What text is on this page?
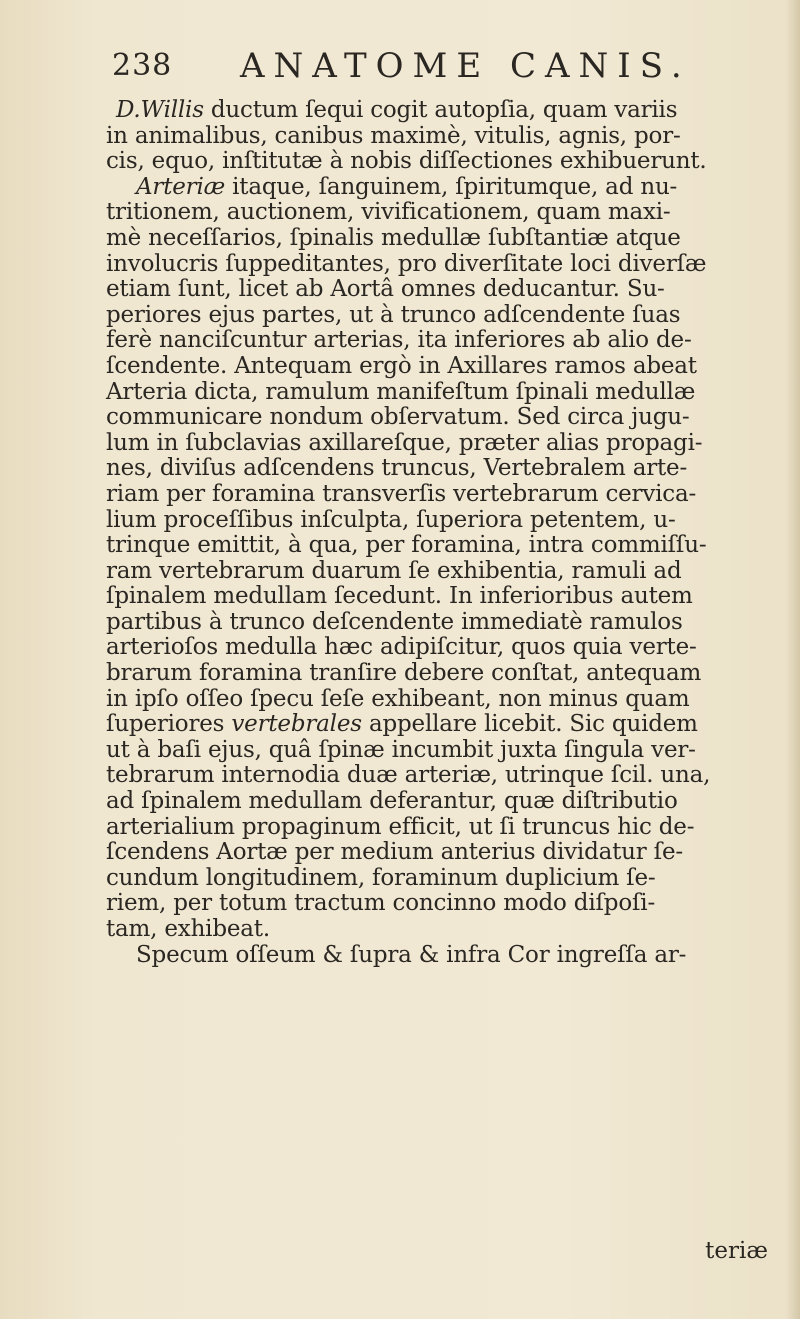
238 ANATOME CANIS.
D.Willis ductum ſequi cogit autopſia, quam variis
in animalibus, canibus maximè, vitulis, agnis, por-
cis, equo, inſtitutæ à nobis diſſectiones exhibuerunt.
Arteriæ itaque, ſanguinem, ſpiritumque, ad nu-
tritionem, auctionem, vivificationem, quam maxi-
mè neceſſarios, ſpinalis medullæ ſubſtantiæ atque
involucris ſuppeditantes, pro diverſitate loci diverſæ
etiam ſunt, licet ab Aortâ omnes deducantur. Su-
periores ejus partes, ut à trunco adſcendente ſuas
ferè nanciſcuntur arterias, ita inferiores ab alio de-
ſcendente. Antequam ergò in Axillares ramos abeat
Arteria dicta, ramulum manifeſtum ſpinali medullæ
communicare nondum obſervatum. Sed circa jugu-
lum in ſubclavias axillareſque, præter alias propagi-
nes, diviſus adſcendens truncus, Vertebralem arte-
riam per foramina transverſis vertebrarum cervica-
lium proceſſibus inſculpta, ſuperiora petentem, u-
trinque emittit, à qua, per foramina, intra commiſſu-
ram vertebrarum duarum ſe exhibentia, ramuli ad
ſpinalem medullam ſecedunt. In inferioribus autem
partibus à trunco deſcendente immediatè ramulos
arterioſos medulla hæc adipiſcitur, quos quia verte-
brarum foramina tranſire debere conſtat, antequam
in ipſo oſſeo ſpecu ſeſe exhibeant, non minus quam
ſuperiores vertebrales appellare licebit. Sic quidem
ut à baſi ejus, quâ ſpinæ incumbit juxta ſingula ver-
tebrarum internodia duæ arteriæ, utrinque ſcil. una,
ad ſpinalem medullam deferantur, quæ diſtributio
arterialium propaginum efficit, ut ſi truncus hic de-
ſcendens Aortæ per medium anterius dividatur ſe-
cundum longitudinem, foraminum duplicium ſe-
riem, per totum tractum concinno modo diſpoſi-
tam, exhibeat.
Specum oſſeum & ſupra & infra Cor ingreſſa ar-
teriæ
